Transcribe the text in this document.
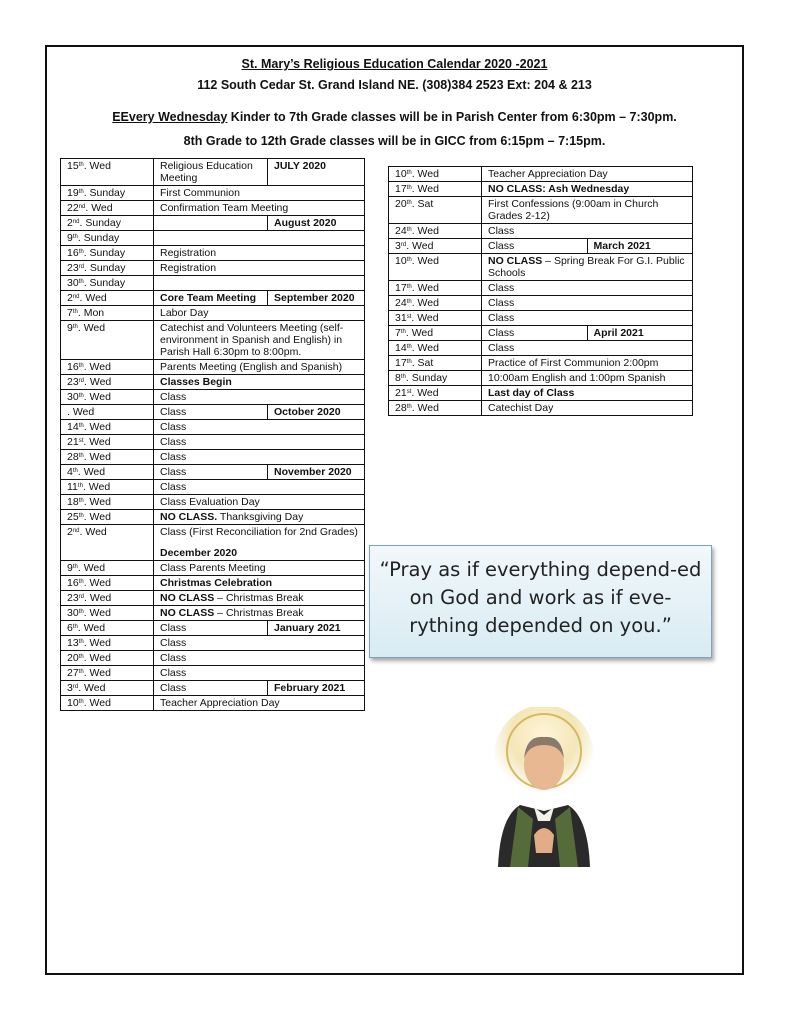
St. Mary’s Religious Education Calendar 2020 -2021
112 South Cedar St. Grand Island NE. (308)384 2523 Ext: 204 & 213
EEvery Wednesday Kinder to 7th Grade classes will be in Parish Center from 6:30pm – 7:30pm.
8th Grade to 12th Grade classes will be in GICC from 6:15pm – 7:15pm.
15th. Wed	Religious Education Meeting	JULY 2020
19th. Sunday	First Communion	
22nd. Wed	Confirmation Team Meeting	
2nd. Sunday		August 2020
9th. Sunday		
16th. Sunday	Registration	
23rd. Sunday	Registration	
30th. Sunday		
2nd. Wed	Core Team Meeting	September 2020
7th. Mon	Labor Day	
9th. Wed	Catechist and Volunteers Meeting (self-environment in Spanish and English) in Parish Hall 6:30pm to 8:00pm.	
16th. Wed	Parents Meeting (English and Spanish)	
23rd. Wed	Classes Begin	
30th. Wed	Class	
. Wed	Class	October 2020
14th. Wed	Class	
21st. Wed	Class	
28th. Wed	Class	
4th. Wed	Class	November 2020
11th. Wed	Class	
18th. Wed	Class Evaluation Day	
25th. Wed	NO CLASS. Thanksgiving Day	
2nd. Wed	Class (First Reconciliation for 2nd Grades)
December 2020	

9th. Wed	Class Parents Meeting	
16th. Wed	Christmas Celebration	
23rd. Wed	NO CLASS – Christmas Break	
30th. Wed	NO CLASS – Christmas Break	
6th. Wed	Class	January 2021
13th. Wed	Class	
20th. Wed	Class	
27th. Wed	Class	
3rd. Wed	Class	February 2021
10th. Wed	Teacher Appreciation Day	
10th. Wed	Teacher Appreciation Day	
17th. Wed	NO CLASS: Ash Wednesday	
20th. Sat	First Confessions (9:00am in Church Grades 2-12)	
24th. Wed	Class	
3rd. Wed	Class	March 2021
10th. Wed	NO CLASS – Spring Break For G.I. Public Schools	
17th. Wed	Class	
24th. Wed	Class	
31st. Wed	Class	
7th. Wed	Class	April 2021
14th. Wed	Class	
17th. Sat	Practice of First Communion 2:00pm	
8th. Sunday	10:00am English and 1:00pm Spanish	
21st. Wed	Last day of Class	
28th. Wed	Catechist Day	
“Pray as if everything depend-ed on God and work as if eve-rything depended on you.”
